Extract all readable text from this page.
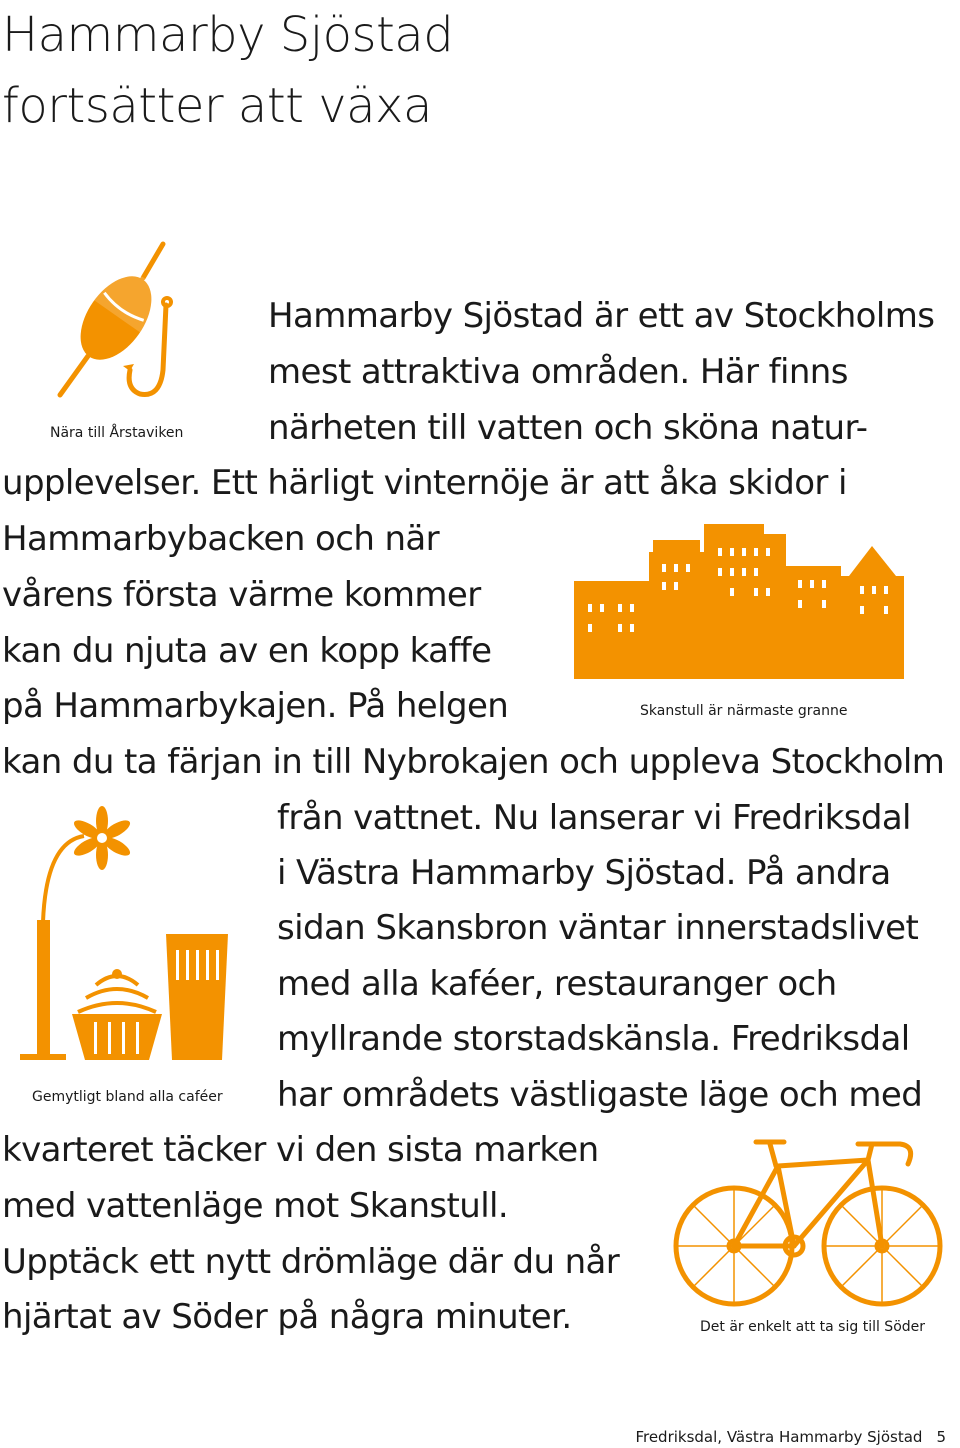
Hammarby Sjöstad
fortsätter att växa
Hammarby Sjöstad är ett av Stockholms
mest attraktiva områden. Här finns
närheten till vatten och sköna natur-
upplevelser. Ett härligt vinternöje är att åka skidor i
Hammarbybacken och när
vårens första värme kommer
kan du njuta av en kopp kaffe
på Hammarbykajen. På helgen
kan du ta färjan in till Nybrokajen och uppleva Stockholm
från vattnet. Nu lanserar vi Fredriksdal
i Västra Hammarby Sjöstad. På andra
sidan Skansbron väntar innerstadslivet
med alla kaféer, restauranger och
myllrande storstadskänsla. Fredriksdal
har områdets västligaste läge och med
kvarteret täcker vi den sista marken
med vattenläge mot Skanstull.
Upptäck ett nytt drömläge där du når
hjärtat av Söder på några minuter.
Nära till Årstaviken
Skanstull är närmaste granne
Gemytligt bland alla caféer
Det är enkelt att ta sig till Söder
Fredriksdal, Västra Hammarby Sjöstad 5
